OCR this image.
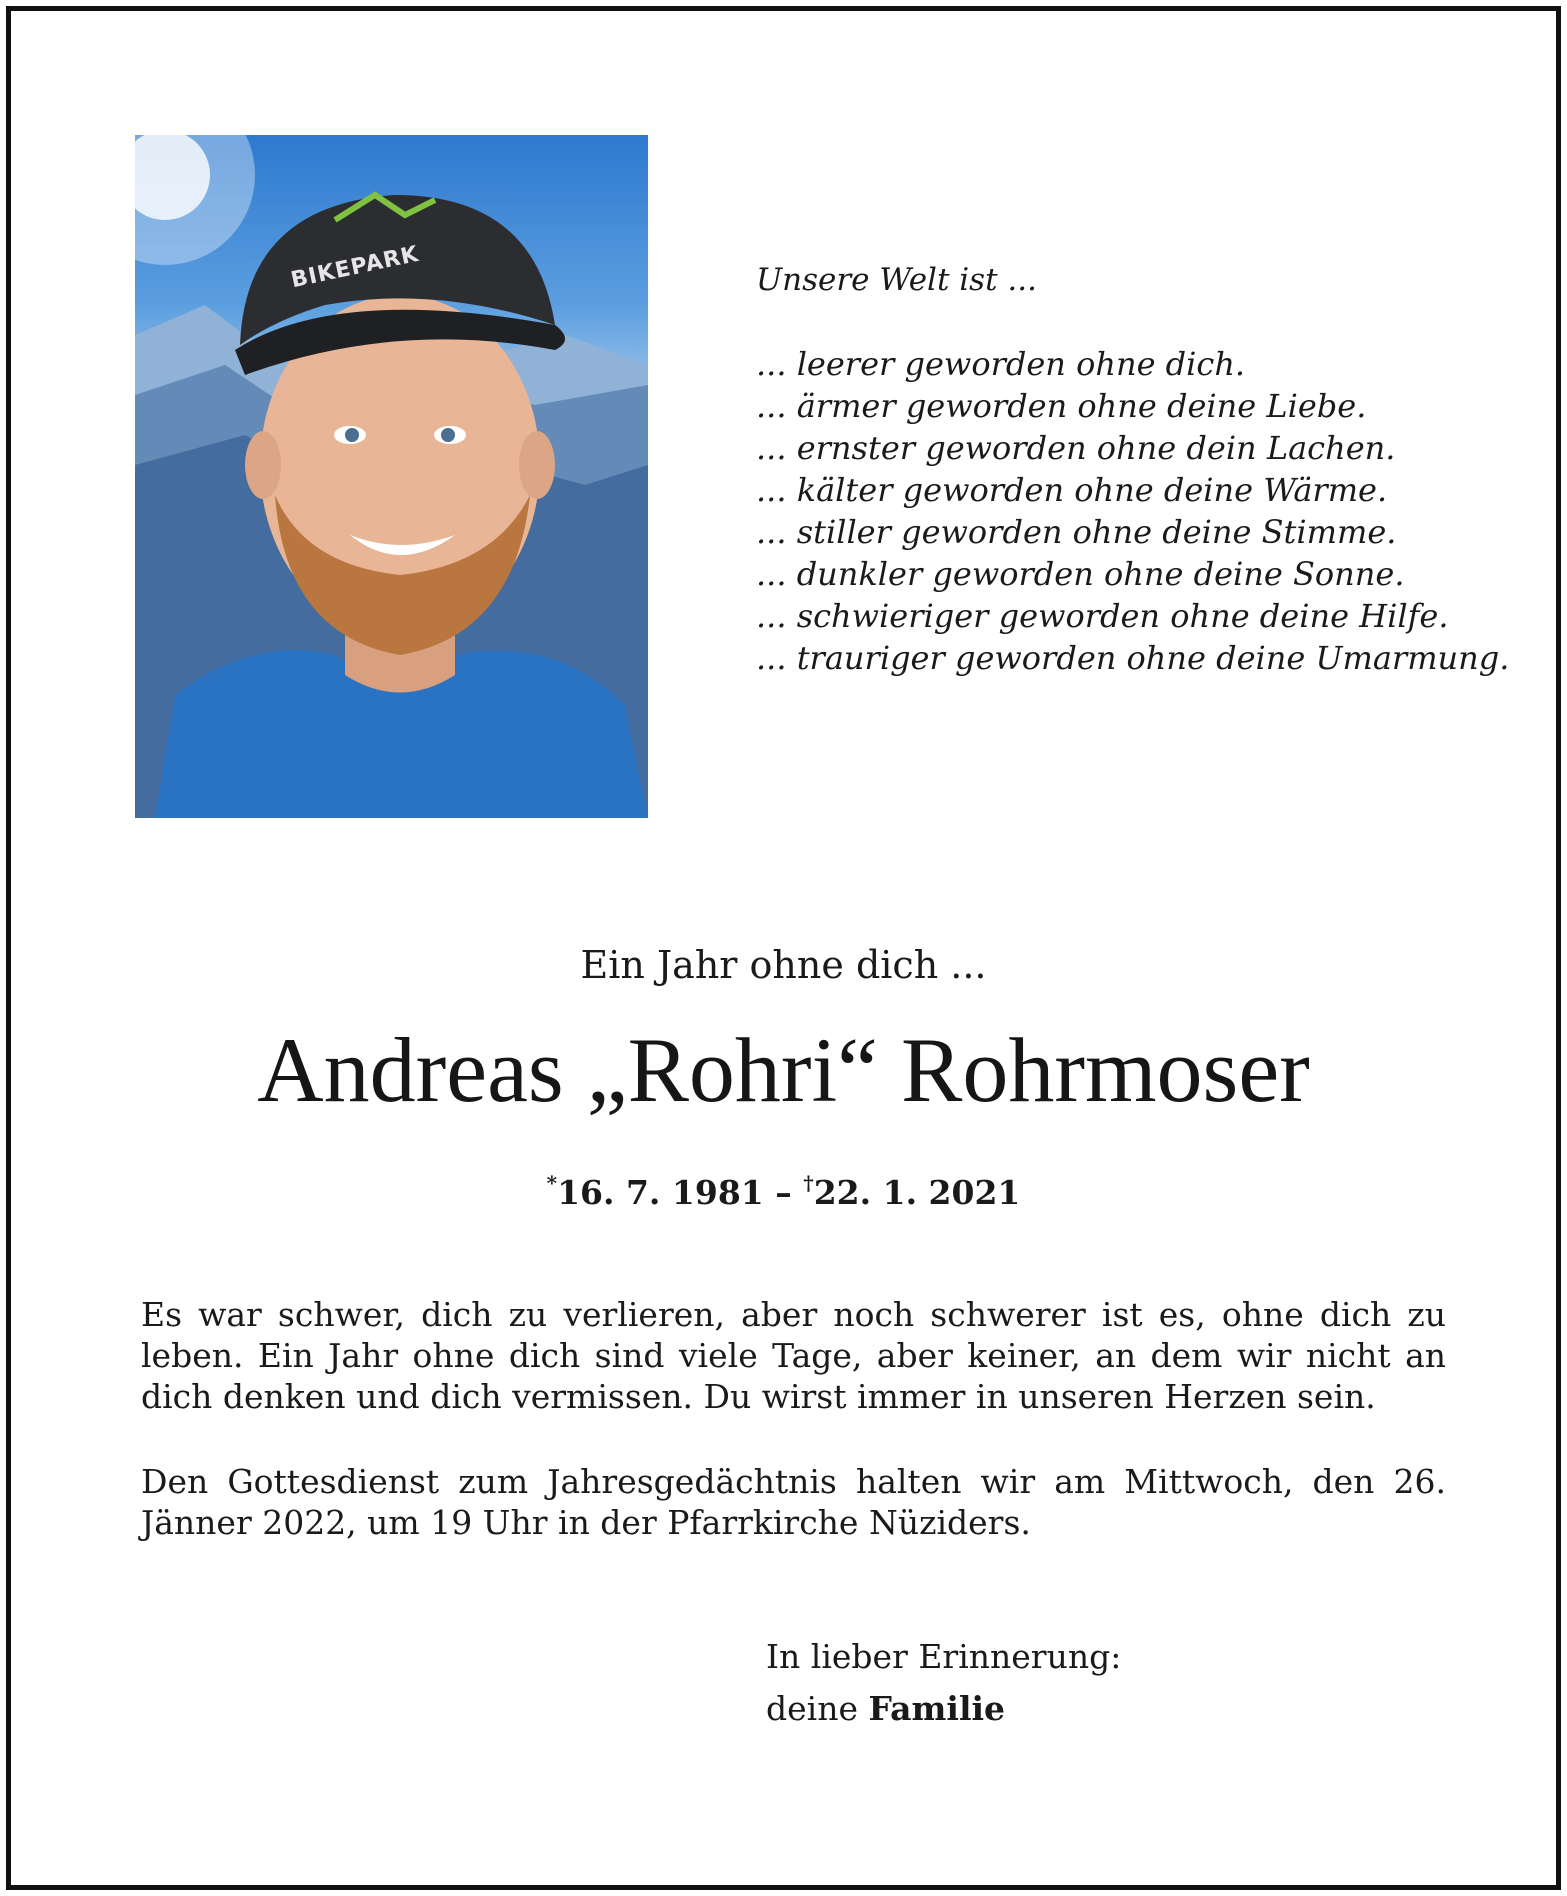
BIKEPARK	Unsere Welt ist ...
... leerer geworden ohne dich.
... ärmer geworden ohne deine Liebe.
... ernster geworden ohne dein Lachen.
... kälter geworden ohne deine Wärme.
... stiller geworden ohne deine Stimme.
... dunkler geworden ohne deine Sonne.
... schwieriger geworden ohne deine Hilfe.
... trauriger geworden ohne deine Umarmung.
Ein Jahr ohne dich ...
Andreas „Rohri“ Rohrmoser
*16. 7. 1981 – †22. 1. 2021
Es war schwer, dich zu verlieren, aber noch schwerer ist es, ohne dich zu leben. Ein Jahr ohne dich sind viele Tage, aber keiner, an dem wir nicht an dich denken und dich vermissen. Du wirst immer in unseren Herzen sein.
Den Gottesdienst zum Jahresgedächtnis halten wir am Mittwoch, den 26. Jänner 2022, um 19 Uhr in der Pfarrkirche Nüziders.
In lieber Erinnerung:
deine Familie
